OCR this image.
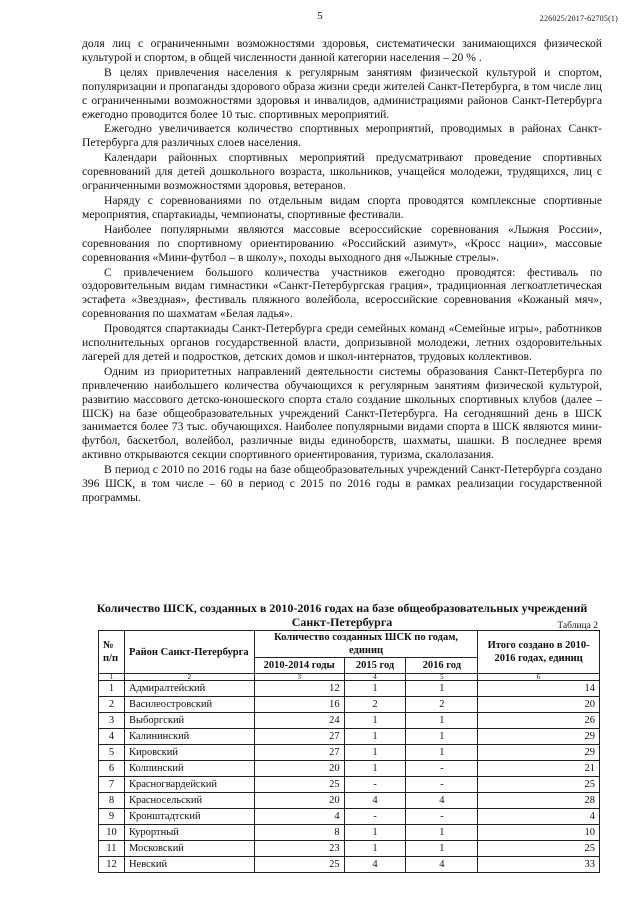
5	226025/2017-62705(1)

доля лиц с ограниченными возможностями здоровья, систематически занимающихся физической культурой и спортом, в общей численности данной категории населения – 20 % .

В целях привлечения населения к регулярным занятиям физической культурой и спортом, популяризации и пропаганды здорового образа жизни среди жителей Санкт-Петербурга, в том числе лиц с ограниченными возможностями здоровья и инвалидов, администрациями районов Санкт-Петербурга ежегодно проводится более 10 тыс. спортивных мероприятий.

Ежегодно увеличивается количество спортивных мероприятий, проводимых в районах Санкт-Петербурга для различных слоев населения.

Календари районных спортивных мероприятий предусматривают проведение спортивных соревнований для детей дошкольного возраста, школьников, учащейся молодежи, трудящихся, лиц с ограниченными возможностями здоровья, ветеранов.

Наряду с соревнованиями по отдельным видам спорта проводятся комплексные спортивные мероприятия, спартакиады, чемпионаты, спортивные фестивали.

Наиболее популярными являются массовые всероссийские соревнования «Лыжня России», соревнования по спортивному ориентированию «Российский азимут», «Кросс нации», массовые соревнования «Мини-футбол – в школу», походы выходного дня «Лыжные стрелы».

С привлечением большого количества участников ежегодно проводятся: фестиваль по оздоровительным видам гимнастики «Санкт-Петербургская грация», традиционная легкоатлетическая эстафета «Звездная», фестиваль пляжного волейбола, всероссийские соревнования «Кожаный мяч», соревнования по шахматам «Белая ладья».

Проводятся спартакиады Санкт-Петербурга среди семейных команд «Семейные игры», работников исполнительных органов государственной власти, допризывной молодежи, летних оздоровительных лагерей для детей и подростков, детских домов и школ-интернатов, трудовых коллективов.

Одним из приоритетных направлений деятельности системы образования Санкт-Петербурга по привлечению наибольшего количества обучающихся к регулярным занятиям физической культурой, развитию массового детско-юношеского спорта стало создание школьных спортивных клубов (далее – ШСК) на базе общеобразовательных учреждений Санкт-Петербурга. На сегодняшний день в ШСК занимается более 73 тыс. обучающихся. Наиболее популярными видами спорта в ШСК являются мини-футбол, баскетбол, волейбол, различные виды единоборств, шахматы, шашки. В последнее время активно открываются секции спортивного ориентирования, туризма, скалолазания.

В период с 2010 по 2016 годы на базе общеобразовательных учреждений Санкт-Петербурга создано 396 ШСК, в том числе – 60 в период с 2015 по 2016 годы в рамках реализации государственной программы.

Количество ШСК, созданных в 2010-2016 годах на базе общеобразовательных учреждений Санкт-Петербурга	Таблица 2
№ п/п	Район Санкт-Петербурга	Количество созданных ШСК по годам, единиц			Итого создано в 2010-2016 годах, единиц
		2010-2014 годы	2015 год	2016 год	
1	2	3	4	5	6
1	Адмиралтейский	12	1	1	14
2	Василеостровский	16	2	2	20
3	Выборгский	24	1	1	26
4	Калининский	27	1	1	29
5	Кировский	27	1	1	29
6	Колпинский	20	1	-	21
7	Красногвардейский	25	-	-	25
8	Красносельский	20	4	4	28
9	Кронштадтский	4	-	-	4
10	Курортный	8	1	1	10
11	Московский	23	1	1	25
12	Невский	25	4	4	33
